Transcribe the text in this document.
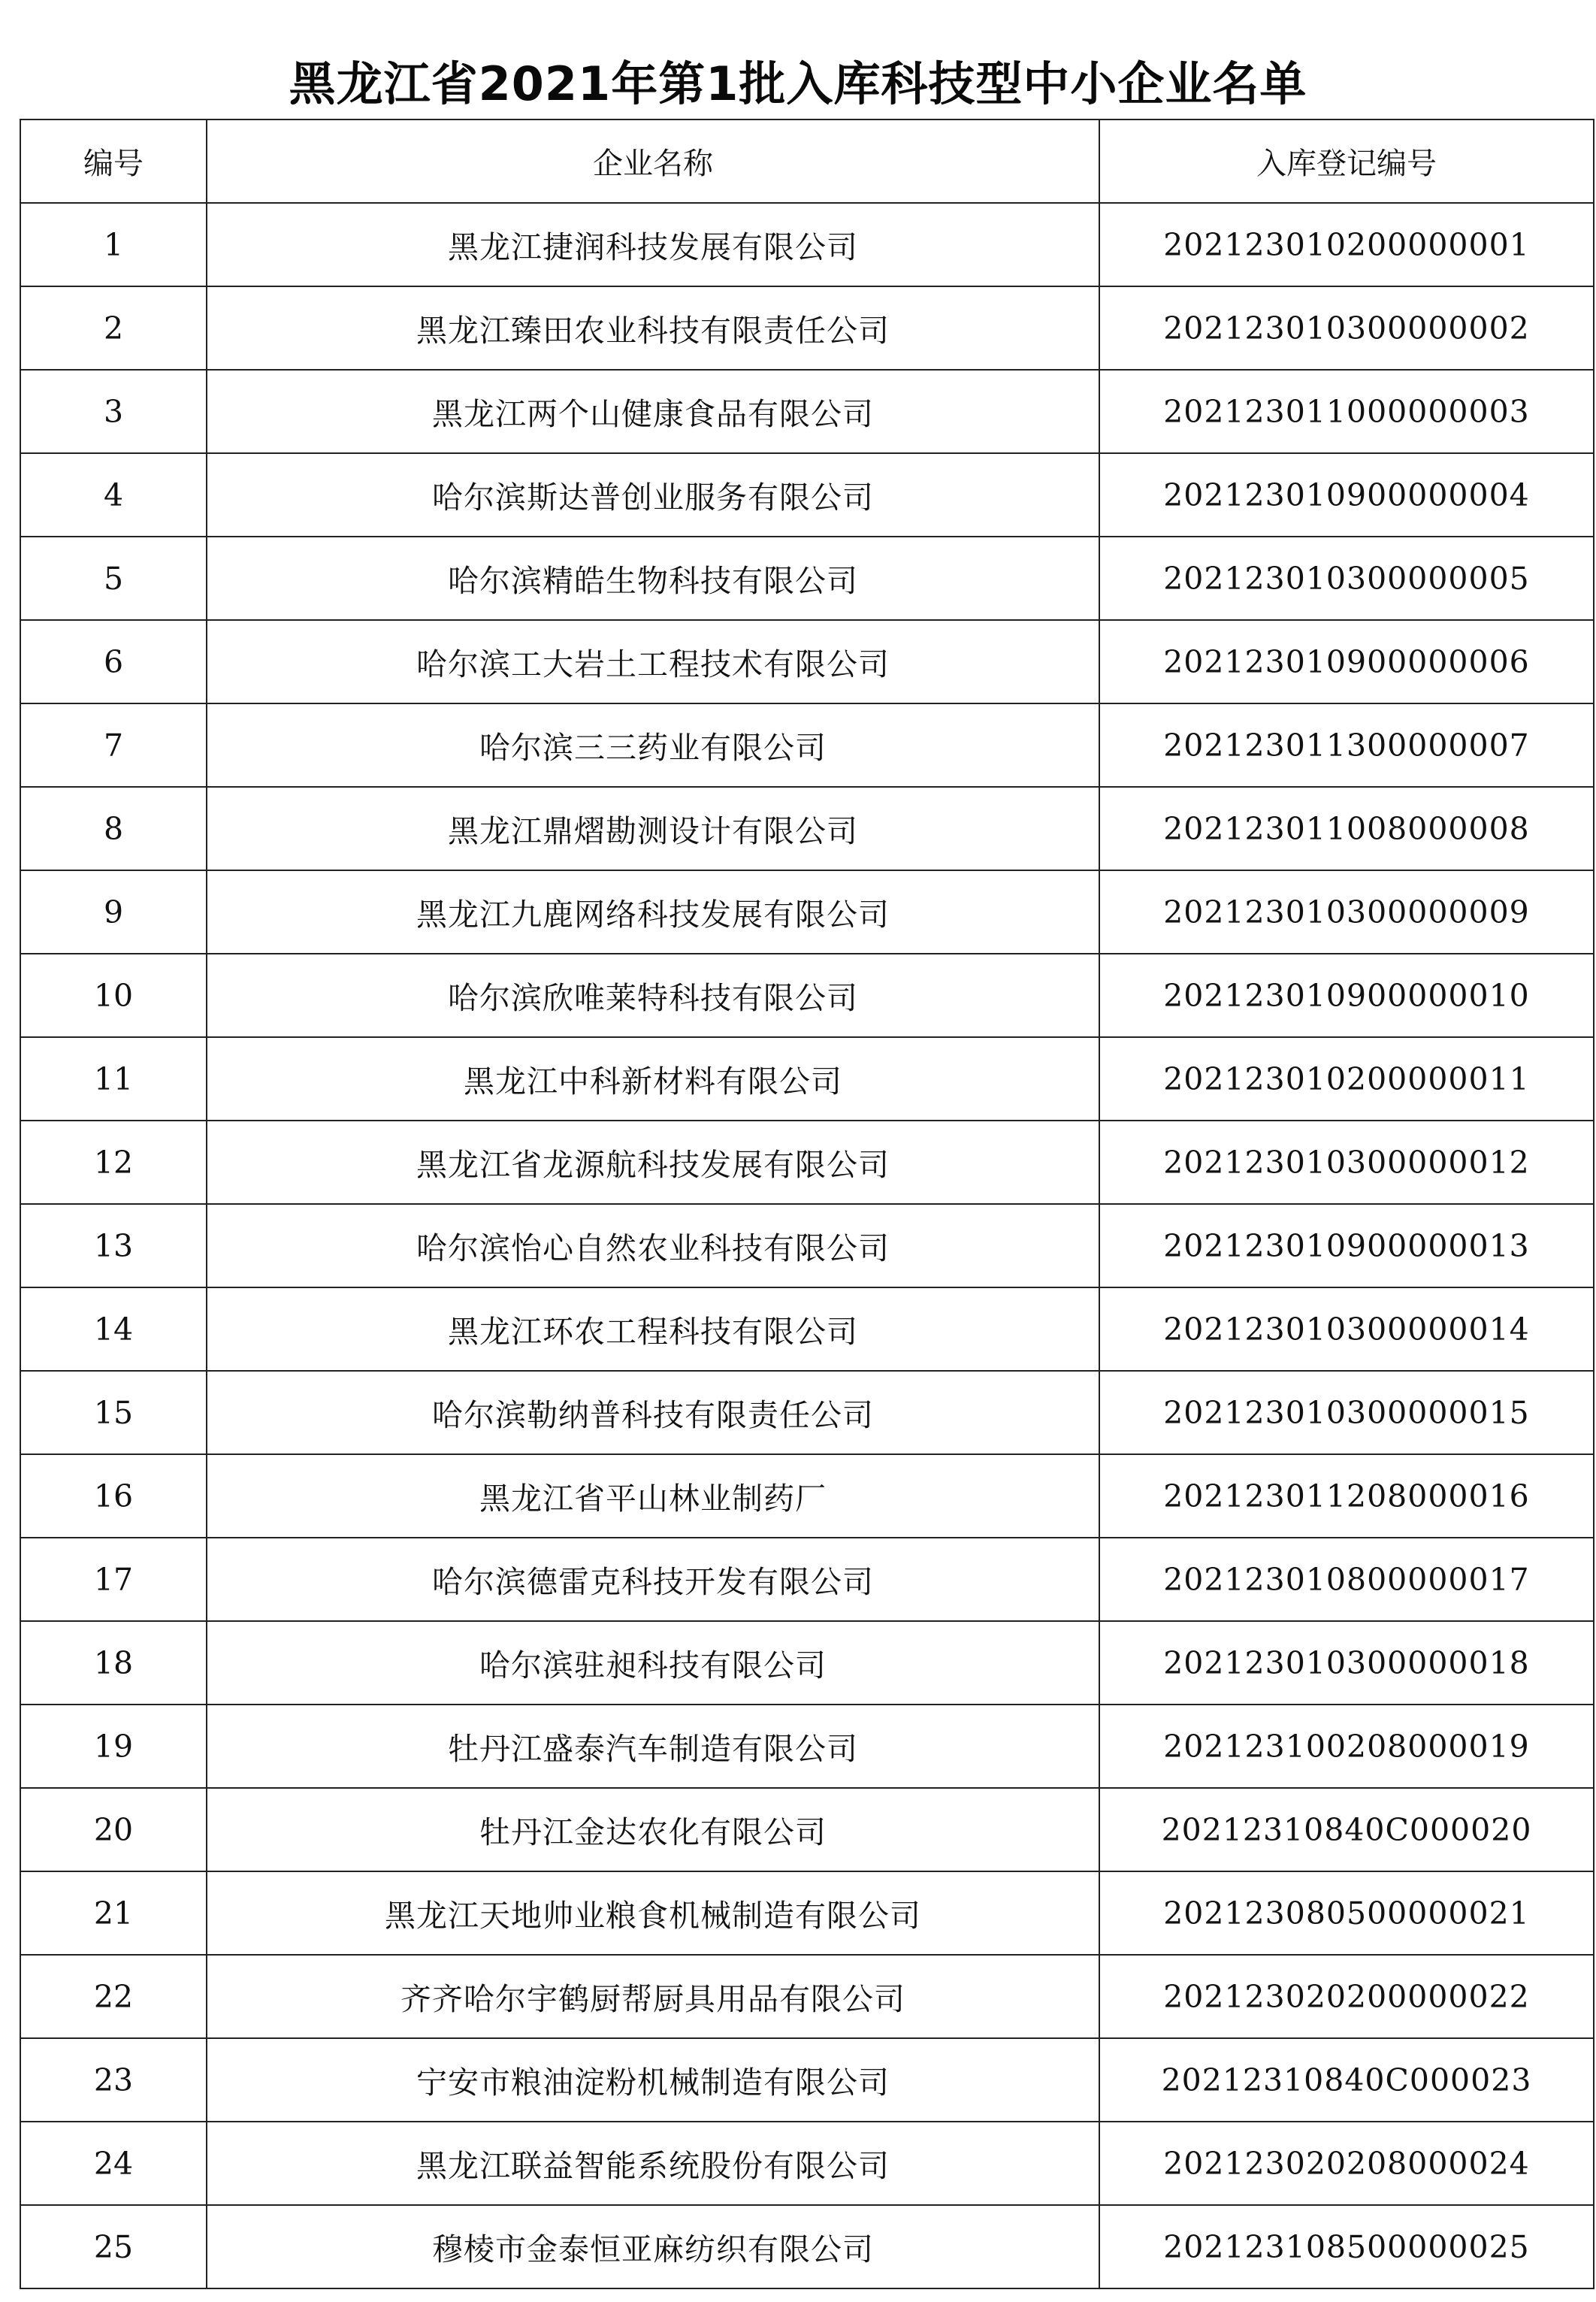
黑龙江省2021年第1批入库科技型中小企业名单
编号	企业名称	入库登记编号
1	黑龙江捷润科技发展有限公司	202123010200000001
2	黑龙江臻田农业科技有限责任公司	202123010300000002
3	黑龙江两个山健康食品有限公司	202123011000000003
4	哈尔滨斯达普创业服务有限公司	202123010900000004
5	哈尔滨精皓生物科技有限公司	202123010300000005
6	哈尔滨工大岩土工程技术有限公司	202123010900000006
7	哈尔滨三三药业有限公司	202123011300000007
8	黑龙江鼎熠勘测设计有限公司	202123011008000008
9	黑龙江九鹿网络科技发展有限公司	202123010300000009
10	哈尔滨欣唯莱特科技有限公司	202123010900000010
11	黑龙江中科新材料有限公司	202123010200000011
12	黑龙江省龙源航科技发展有限公司	202123010300000012
13	哈尔滨怡心自然农业科技有限公司	202123010900000013
14	黑龙江环农工程科技有限公司	202123010300000014
15	哈尔滨勒纳普科技有限责任公司	202123010300000015
16	黑龙江省平山林业制药厂	202123011208000016
17	哈尔滨德雷克科技开发有限公司	202123010800000017
18	哈尔滨驻昶科技有限公司	202123010300000018
19	牡丹江盛泰汽车制造有限公司	202123100208000019
20	牡丹江金达农化有限公司	20212310840C000020
21	黑龙江天地帅业粮食机械制造有限公司	202123080500000021
22	齐齐哈尔宇鹤厨帮厨具用品有限公司	202123020200000022
23	宁安市粮油淀粉机械制造有限公司	20212310840C000023
24	黑龙江联益智能系统股份有限公司	202123020208000024
25	穆棱市金泰恒亚麻纺织有限公司	202123108500000025
